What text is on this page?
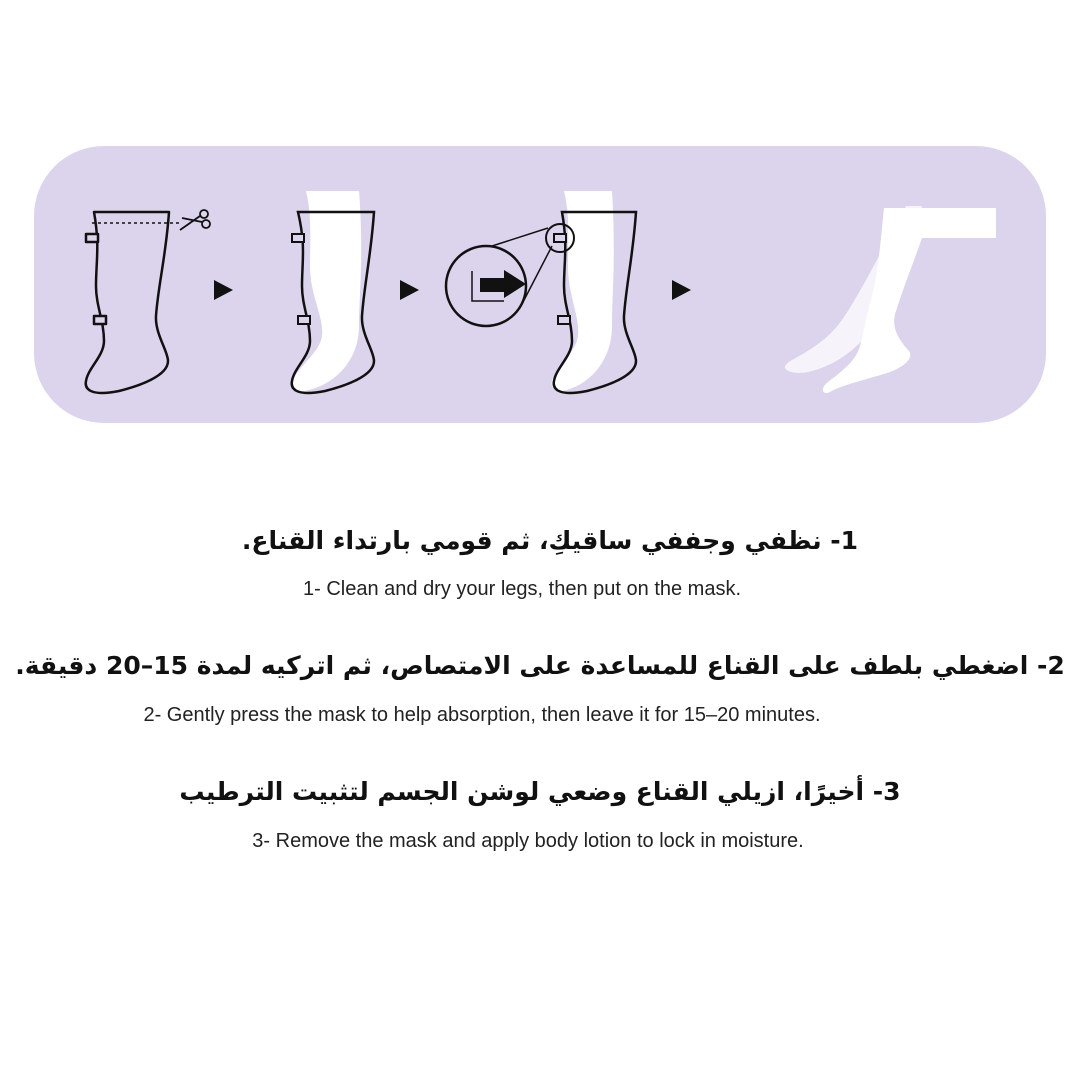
1- نظفي وجففي ساقيكِ، ثم قومي بارتداء القناع.
1- Clean and dry your legs, then put on the mask.
2- اضغطي بلطف على القناع للمساعدة على الامتصاص، ثم اتركيه لمدة 15–20 دقيقة.
2- Gently press the mask to help absorption, then leave it for 15–20 minutes.
3- أخيرًا، ازيلي القناع وضعي لوشن الجسم لتثبيت الترطيب
3- Remove the mask and apply body lotion to lock in moisture.
